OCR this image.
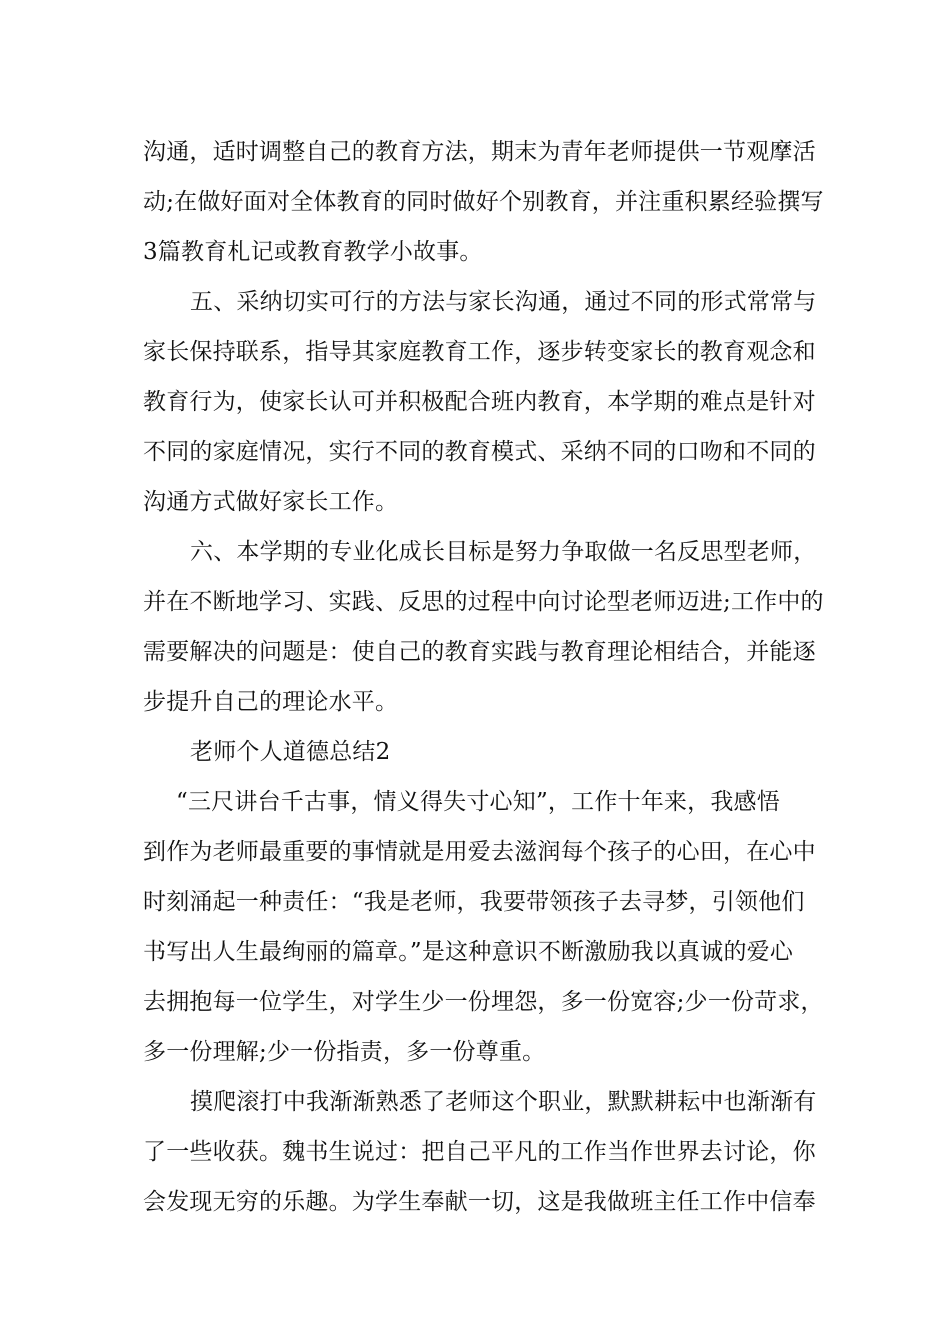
沟通，适时调整自己的教育方法，期末为青年老师提供一节观摩活

动;在做好面对全体教育的同时做好个别教育，并注重积累经验撰写

3篇教育札记或教育教学小故事。

五、采纳切实可行的方法与家长沟通，通过不同的形式常常与

家长保持联系，指导其家庭教育工作，逐步转变家长的教育观念和

教育行为，使家长认可并积极配合班内教育，本学期的难点是针对

不同的家庭情况，实行不同的教育模式、采纳不同的口吻和不同的

沟通方式做好家长工作。

六、本学期的专业化成长目标是努力争取做一名反思型老师，

并在不断地学习、实践、反思的过程中向讨论型老师迈进;工作中的

需要解决的问题是：使自己的教育实践与教育理论相结合，并能逐

步提升自己的理论水平。

老师个人道德总结2

“三尺讲台千古事，情义得失寸心知”，工作十年来，我感悟

到作为老师最重要的事情就是用爱去滋润每个孩子的心田，在心中

时刻涌起一种责任：“我是老师，我要带领孩子去寻梦，引领他们

书写出人生最绚丽的篇章。”是这种意识不断激励我以真诚的爱心

去拥抱每一位学生，对学生少一份埋怨，多一份宽容;少一份苛求，

多一份理解;少一份指责，多一份尊重。

摸爬滚打中我渐渐熟悉了老师这个职业，默默耕耘中也渐渐有

了一些收获。魏书生说过：把自己平凡的工作当作世界去讨论，你

会发现无穷的乐趣。为学生奉献一切，这是我做班主任工作中信奉
